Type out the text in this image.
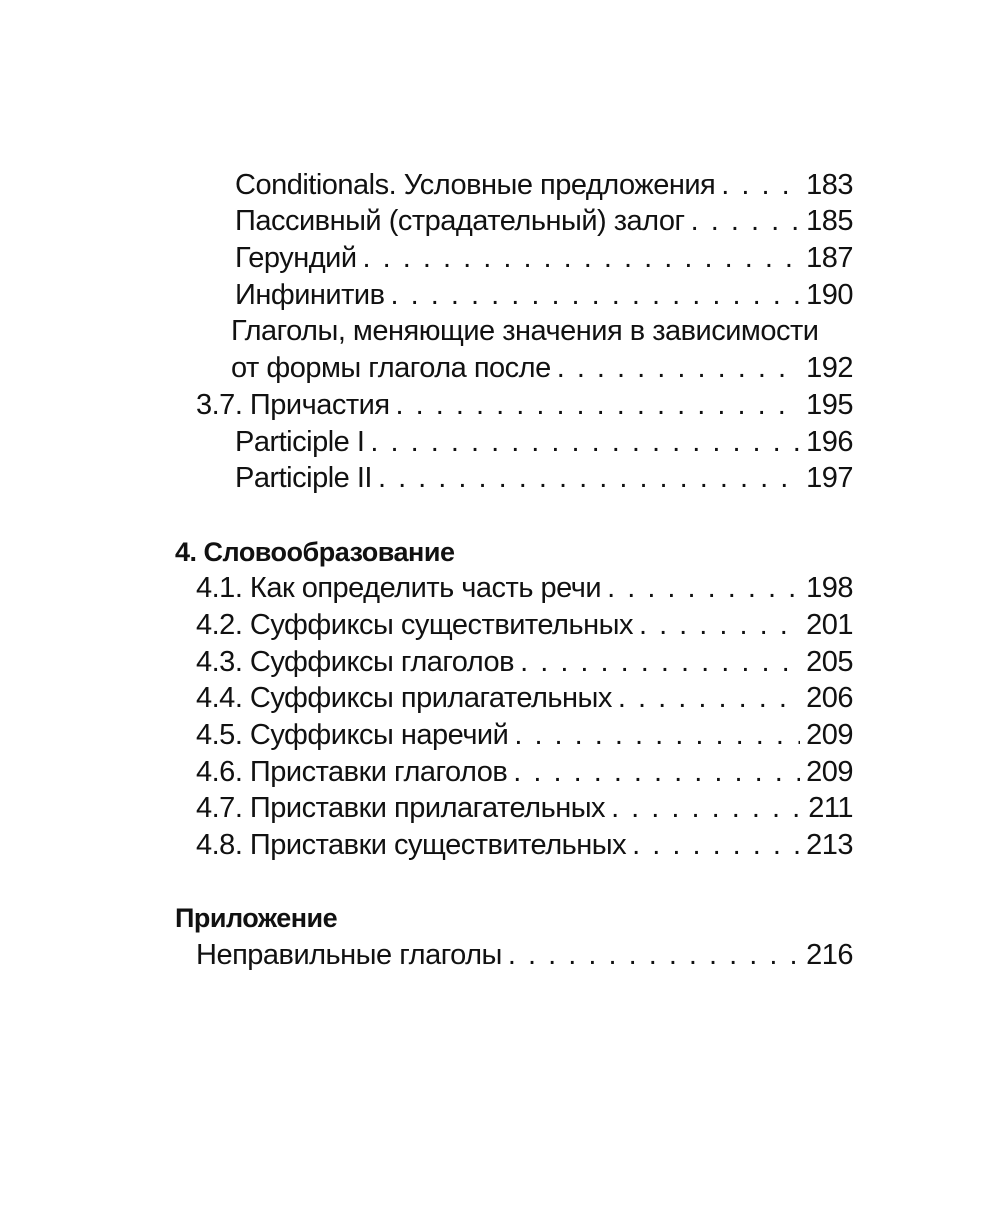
Conditionals. Условные предложения . . .	183
Пассивный (страдательный) залог . . .	185
Герундий . . .	187
Инфинитив . . .	190
Глаголы, меняющие значения в зависимости
от формы глагола после . . .	192
3.7. Причастия . . .	195
Participle I . . .	196
Participle II . . .	197
4. Словообразование
4.1. Как определить часть речи . . .	198
4.2. Суффиксы существительных . . .	201
4.3. Суффиксы глаголов . . .	205
4.4. Суффиксы прилагательных . . .	206
4.5. Суффиксы наречий . . .	209
4.6. Приставки глаголов . . .	209
4.7. Приставки прилагательных . . .	211
4.8. Приставки существительных . . .	213
Приложение
Неправильные глаголы . . .	216
